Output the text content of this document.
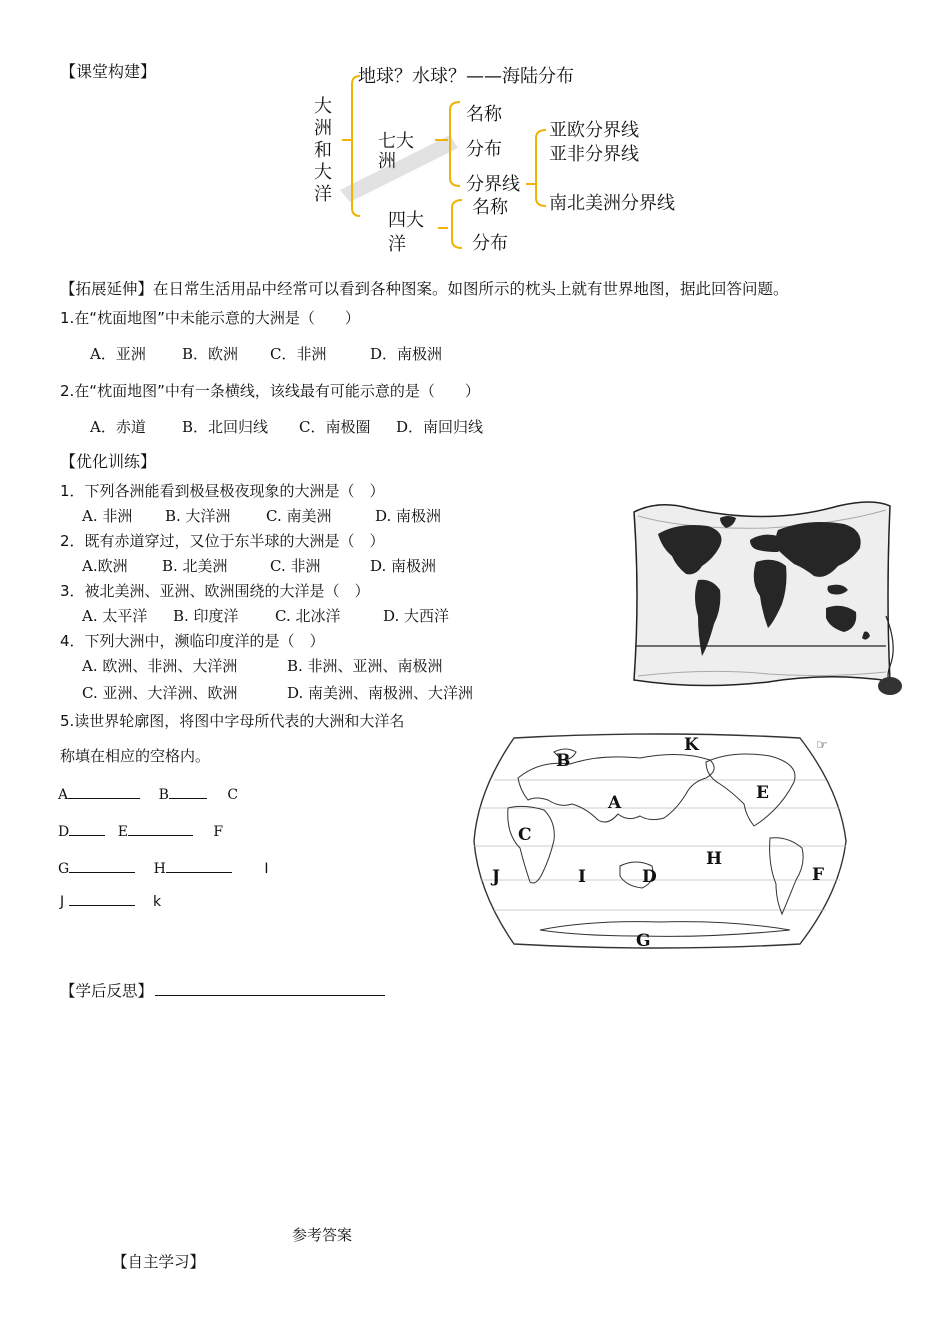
【课堂构建】
大洲和大洋
地球？水球？——海陆分布
七大洲
名称
分布
分界线
亚欧分界线
亚非分界线
南北美洲分界线
四大洋
名称
分布
【拓展延伸】在日常生活用品中经常可以看到各种图案。如图所示的枕头上就有世界地图，据此回答问题。
1.在“枕面地图”中未能示意的大洲是（　　）
A．亚洲 B．欧洲 C．非洲	D．南极洲
2.在“枕面地图”中有一条横线，该线最有可能示意的是（　　）
A．赤道 B．北回归线 C．南极圈 D．南回归线
【优化训练】
1．下列各洲能看到极昼极夜现象的大洲是（　）
A. 非洲 B. 大洋洲 C. 南美洲	D. 南极洲
2．既有赤道穿过，又位于东半球的大洲是（　）
A.欧洲 B. 北美洲	C. 非洲	D. 南极洲
3．被北美洲、亚洲、欧洲围绕的大洋是（　）
A. 太平洋 B. 印度洋 C. 北冰洋	D. 大西洋
4．下列大洲中，濒临印度洋的是（　）
A. 欧洲、非洲、大洋洲	B. 非洲、亚洲、南极洲
C. 亚洲、大洋洲、欧洲	D. 南美洲、南极洲、大洋洲
5.读世界轮廓图，将图中字母所代表的大洲和大洋名
称填在相应的空格内。
A	B	C
D	E	F
G	H	I
J	k
A
B
C
D
E
F
G
H
I
J
K	☞
【学后反思】
参考答案
【自主学习】
